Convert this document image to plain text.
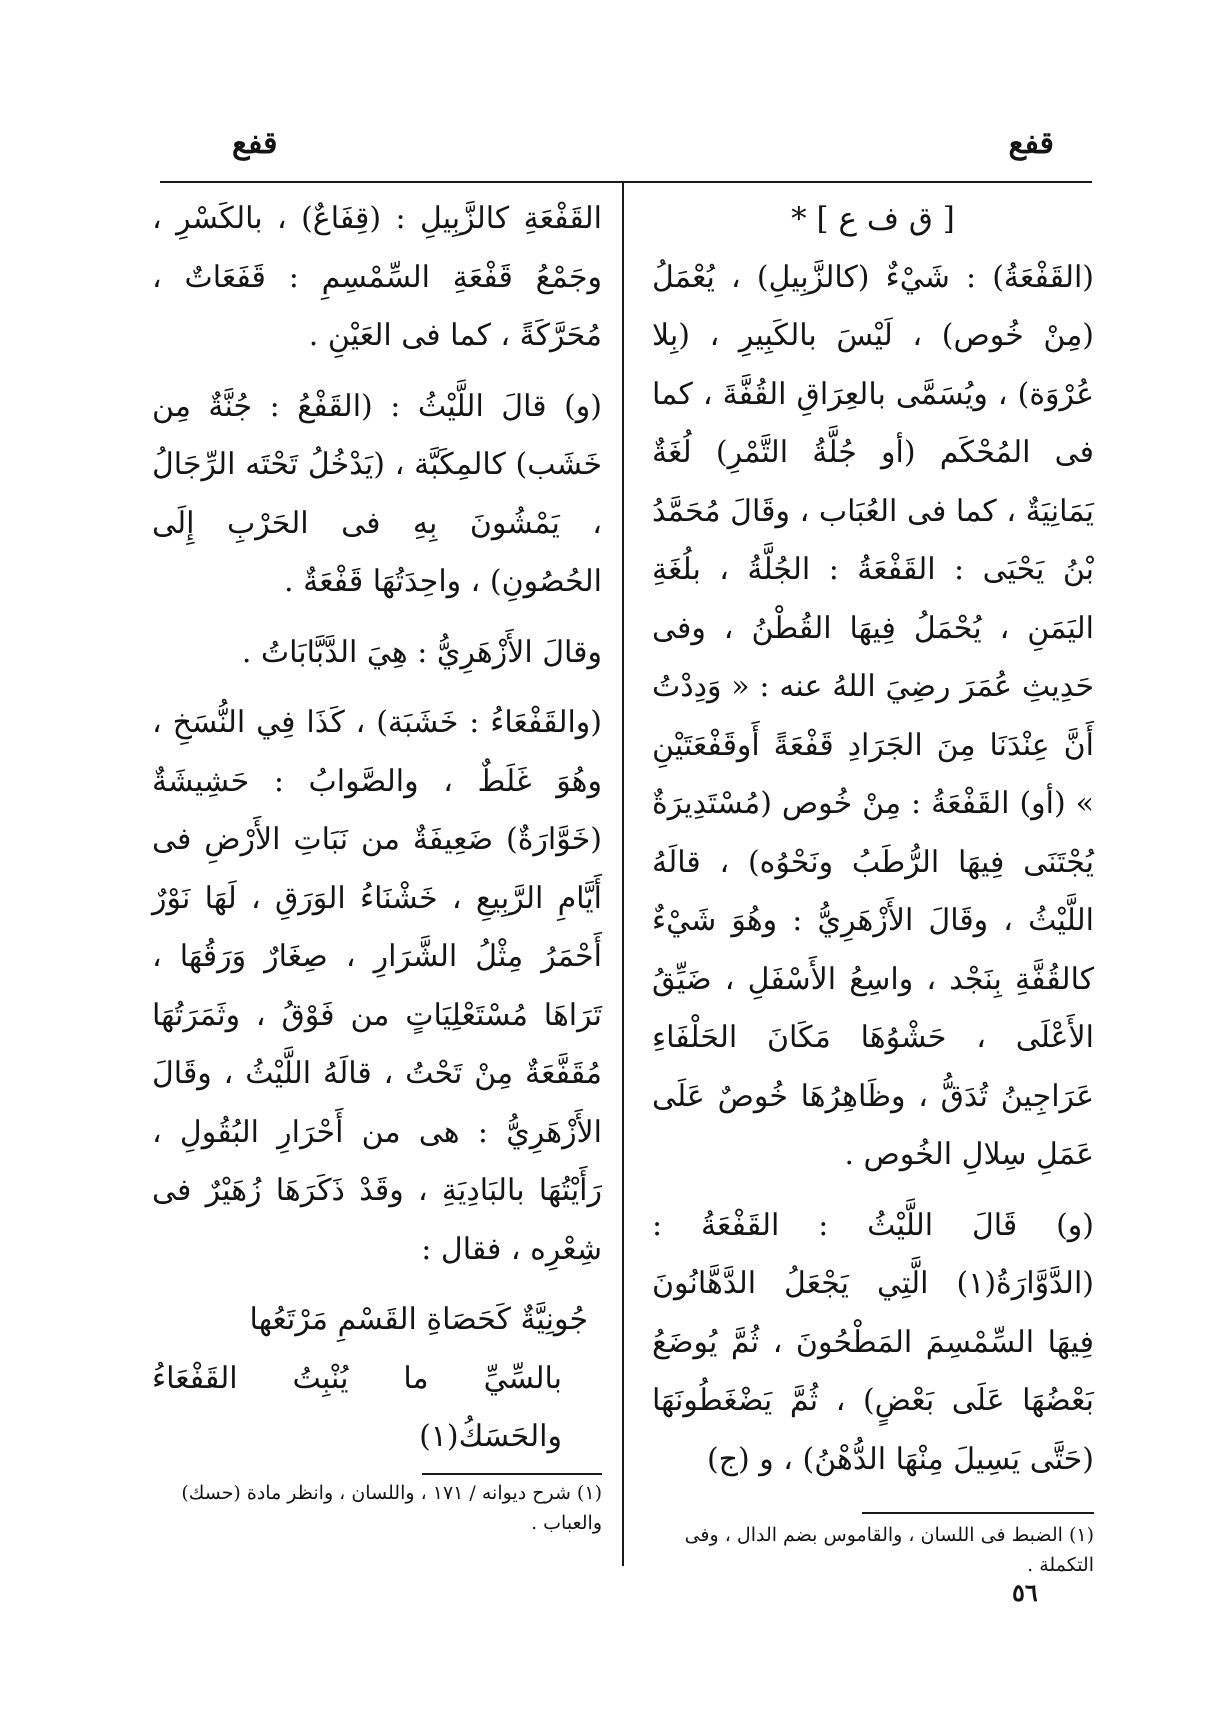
قفع
قفع

[ ق ف ع ] *

(القَفْعَةُ) : شَيْءٌ (كالزَّبِيلِ) ، يُعْمَلُ (مِنْ خُوص) ، لَيْسَ بالكَبِيرِ ، (بِلا عُرْوَة) ، ويُسَمَّى بالعِرَاقِ القُفَّةَ ، كما فى المُحْكَم (أو جُلَّةُ التَّمْرِ) لُغَةٌ يَمَانِيَةٌ ، كما فى العُبَاب ، وقَالَ مُحَمَّدُ بْنُ يَحْيَى : القَفْعَةُ : الجُلَّةُ ، بلُغَةِ اليَمَنِ ، يُحْمَلُ فِيهَا القُطْنُ ، وفى حَدِيثِ عُمَرَ رضِيَ اللهُ عنه : « وَدِدْتُ أَنَّ عِنْدَنَا مِنَ الجَرَادِ قَفْعَةً أَوقَفْعَتَيْنِ » (أو) القَفْعَةُ : مِنْ خُوص (مُسْتَدِيرَةٌ يُجْتَنَى فِيهَا الرُّطَبُ ونَحْوُه) ، قالَهُ اللَّيْثُ ، وقَالَ الأَزْهَرِيُّ : وهُوَ شَيْءٌ كالقُفَّةِ بِنَجْد ، واسِعُ الأَسْفَلِ ، ضَيِّقُ الأَعْلَى ، حَشْوُهَا مَكَانَ الحَلْفَاءِ عَرَاجِينُ تُدَقُّ ، وظَاهِرُهَا خُوصٌ عَلَى عَمَلِ سِلالِ الخُوص .

(و) قَالَ اللَّيْثُ : القَفْعَةُ : (الدَّوَّارَةُ(١) الَّتِي يَجْعَلُ الدَّهَّانُونَ فِيهَا السِّمْسِمَ المَطْحُونَ ، ثُمَّ يُوضَعُ بَعْضُهَا عَلَى بَعْضٍ) ، ثُمَّ يَضْغَطُونَهَا (حَتَّى يَسِيلَ مِنْهَا الدُّهْنُ) ، و (ج)

(١) الضبط فى اللسان ، والقاموس بضم الدال ، وفى التكملة .

القَفْعَةِ كالزَّبِيلِ : (قِفَاعٌ) ، بالكَسْرِ ، وجَمْعُ قَفْعَةِ السِّمْسِمِ : قَفَعَاتٌ ، مُحَرَّكَةً ، كما فى العَيْنِ .

(و) قالَ اللَّيْثُ : (القَفْعُ : جُنَّةٌ مِن خَشَب) كالمِكَبَّة ، (يَدْخُلُ تَحْتَه الرِّجَالُ ، يَمْشُونَ بِهِ فى الحَرْبِ إِلَى الحُصُونِ) ، واحِدَتُهَا قَفْعَةٌ .

وقالَ الأَزْهَرِيُّ : هِيَ الدَّبَّابَاتُ .

(والقَفْعَاءُ : خَشَبَة) ، كَذَا فِي النُّسَخِ ، وهُوَ غَلَطٌ ، والصَّوابُ : حَشِيشَةٌ (خَوَّارَةٌ) ضَعِيفَةٌ من نَبَاتِ الأَرْضِ فى أَيَّامِ الرَّبِيعِ ، خَشْنَاءُ الوَرَقِ ، لَهَا نَوْرٌ أَحْمَرُ مِثْلُ الشَّرَارِ ، صِغَارٌ وَرَقُهَا ، تَرَاهَا مُسْتَعْلِيَاتٍ من فَوْقُ ، وثَمَرَتُهَا مُقَفَّعَةٌ مِنْ تَحْتُ ، قالَهُ اللَّيْثُ ، وقَالَ الأَزْهَرِيُّ : هى من أَحْرَارِ البُقُولِ ، رَأَيْتُهَا بالبَادِيَةِ ، وقَدْ ذَكَرَهَا زُهَيْرٌ فى شِعْرِه ، فقال :

جُونِيَّةٌ كَحَصَاةِ القَسْمِ مَرْتَعُها

بالسِّيِّ ما يُنْبِتُ القَفْعَاءُ والحَسَكُ(١)

(١) شرح ديوانه / ١٧١ ، واللسان ، وانظر مادة (حسك) والعباب .
٥٦
